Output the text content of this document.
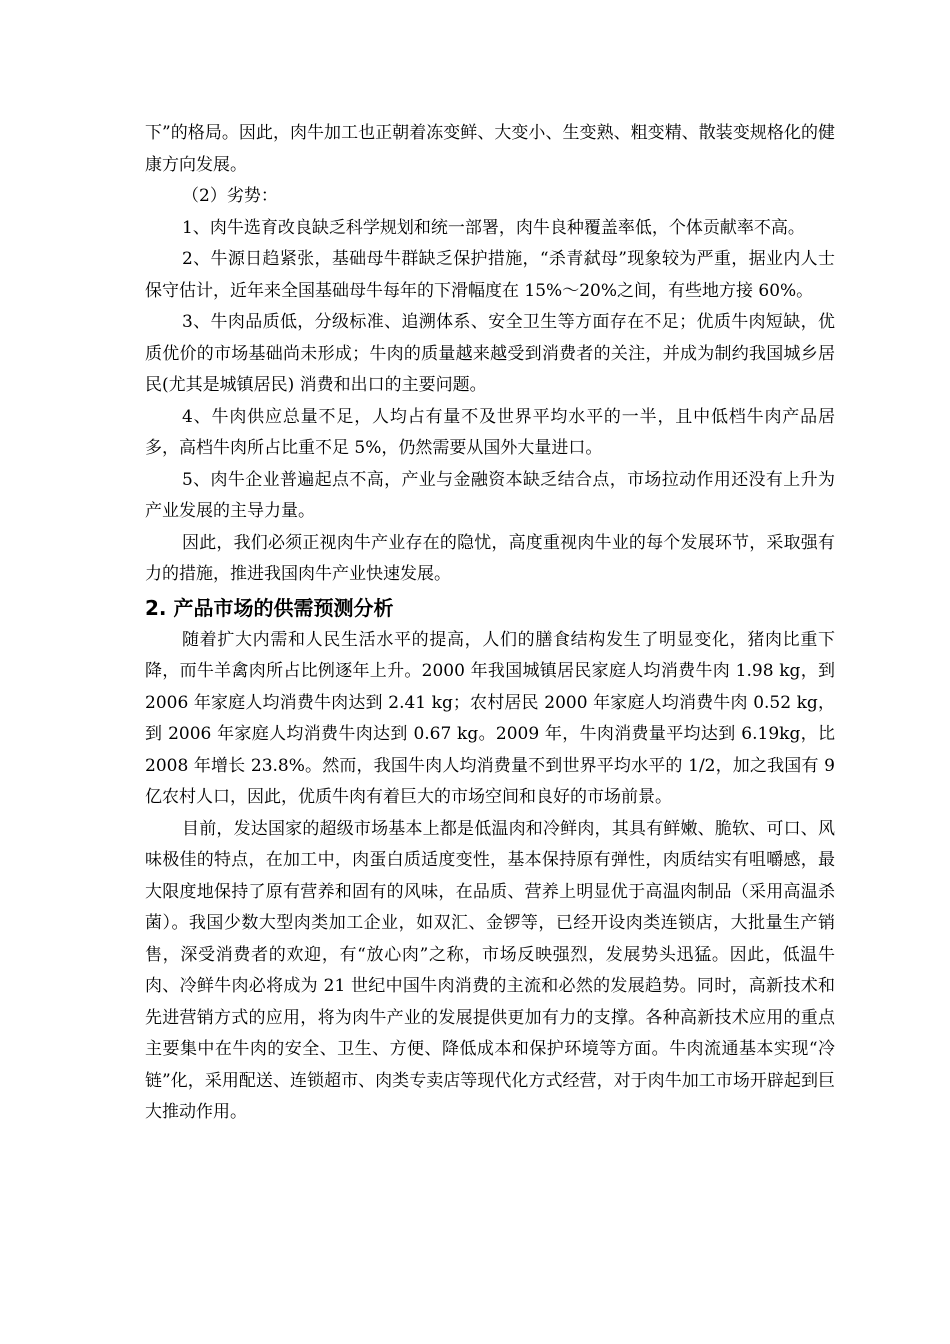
下”的格局。因此，肉牛加工也正朝着冻变鲜、大变小、生变熟、粗变精、散装变规格化的健康方向发展。

（2）劣势：

1、肉牛选育改良缺乏科学规划和统一部署，肉牛良种覆盖率低，个体贡献率不高。

2、牛源日趋紧张，基础母牛群缺乏保护措施，“杀青弑母”现象较为严重，据业内人士保守估计，近年来全国基础母牛每年的下滑幅度在 15%～20%之间，有些地方接 60%。

3、牛肉品质低，分级标准、追溯体系、安全卫生等方面存在不足；优质牛肉短缺，优质优价的市场基础尚未形成；牛肉的质量越来越受到消费者的关注，并成为制约我国城乡居民(尤其是城镇居民) 消费和出口的主要问题。

4、牛肉供应总量不足，人均占有量不及世界平均水平的一半，且中低档牛肉产品居多，高档牛肉所占比重不足 5%，仍然需要从国外大量进口。

5、肉牛企业普遍起点不高，产业与金融资本缺乏结合点，市场拉动作用还没有上升为产业发展的主导力量。

因此，我们必须正视肉牛产业存在的隐忧，高度重视肉牛业的每个发展环节，采取强有力的措施，推进我国肉牛产业快速发展。

2. 产品市场的供需预测分析

随着扩大内需和人民生活水平的提高，人们的膳食结构发生了明显变化，猪肉比重下降，而牛羊禽肉所占比例逐年上升。2000 年我国城镇居民家庭人均消费牛肉 1.98 kg，到 2006 年家庭人均消费牛肉达到 2.41 kg；农村居民 2000 年家庭人均消费牛肉 0.52 kg，到 2006 年家庭人均消费牛肉达到 0.67 kg。2009 年，牛肉消费量平均达到 6.19kg，比 2008 年增长 23.8%。然而，我国牛肉人均消费量不到世界平均水平的 1/2，加之我国有 9 亿农村人口，因此，优质牛肉有着巨大的市场空间和良好的市场前景。

目前，发达国家的超级市场基本上都是低温肉和冷鲜肉，其具有鲜嫩、脆软、可口、风味极佳的特点，在加工中，肉蛋白质适度变性，基本保持原有弹性，肉质结实有咀嚼感，最大限度地保持了原有营养和固有的风味，在品质、营养上明显优于高温肉制品（采用高温杀菌）。我国少数大型肉类加工企业，如双汇、金锣等，已经开设肉类连锁店，大批量生产销售，深受消费者的欢迎，有“放心肉”之称，市场反映强烈，发展势头迅猛。因此，低温牛肉、冷鲜牛肉必将成为 21 世纪中国牛肉消费的主流和必然的发展趋势。同时，高新技术和先进营销方式的应用，将为肉牛产业的发展提供更加有力的支撑。各种高新技术应用的重点主要集中在牛肉的安全、卫生、方便、降低成本和保护环境等方面。牛肉流通基本实现“冷链”化，采用配送、连锁超市、肉类专卖店等现代化方式经营，对于肉牛加工市场开辟起到巨大推动作用。
